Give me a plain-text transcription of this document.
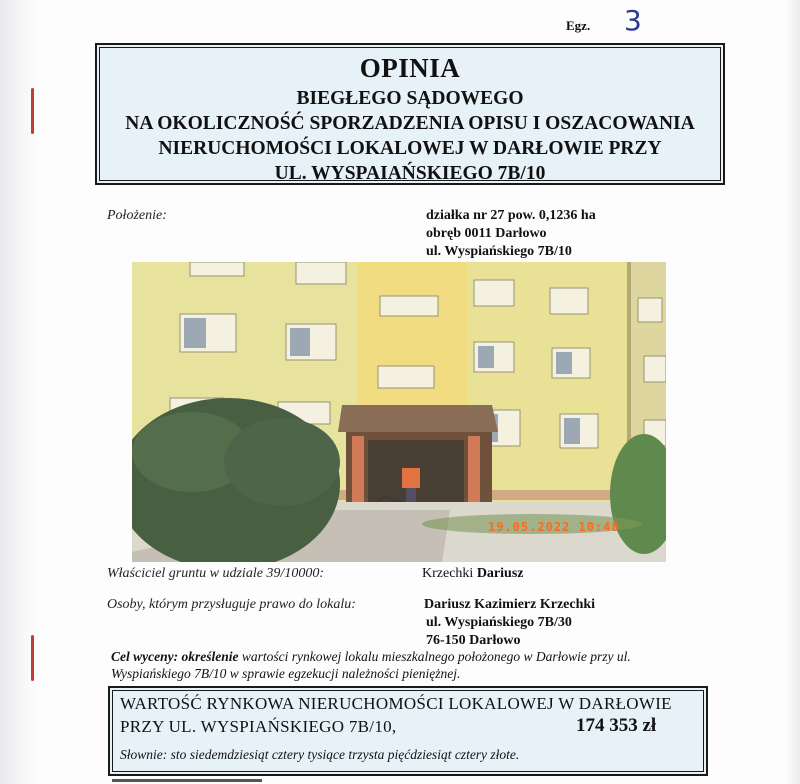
Egz. 3
OPINIA
BIEGŁEGO SĄDOWEGO
NA OKOLICZNOŚĆ SPORZADZENIA OPISU I OSZACOWANIA
NIERUCHOMOŚCI LOKALOWEJ W DARŁOWIE PRZY
UL. WYSPAIAŃSKIEGO 7B/10
Położenie:	działka nr 27 pow. 0,1236 ha
obręb 0011 Darłowo
ul. Wyspiańskiego 7B/10
19.05.2022 10:48
Właściciel gruntu w udziale 39/10000:	Krzechki Dariusz
Osoby, którym przysługuje prawo do lokalu:	Dariusz Kazimierz Krzechki
ul. Wyspiańskiego 7B/30
76-150 Darłowo
Cel wyceny: określenie wartości rynkowej lokalu mieszkalnego położonego w Darłowie przy ul. Wyspiańskiego 7B/10 w sprawie egzekucji należności pieniężnej.
WARTOŚĆ RYNKOWA NIERUCHOMOŚCI LOKALOWEJ W DARŁOWIE
PRZY UL. WYSPIAŃSKIEGO 7B/10,	174 353 zł
Słownie: sto siedemdziesiąt cztery tysiące trzysta pięćdziesiąt cztery złote.
